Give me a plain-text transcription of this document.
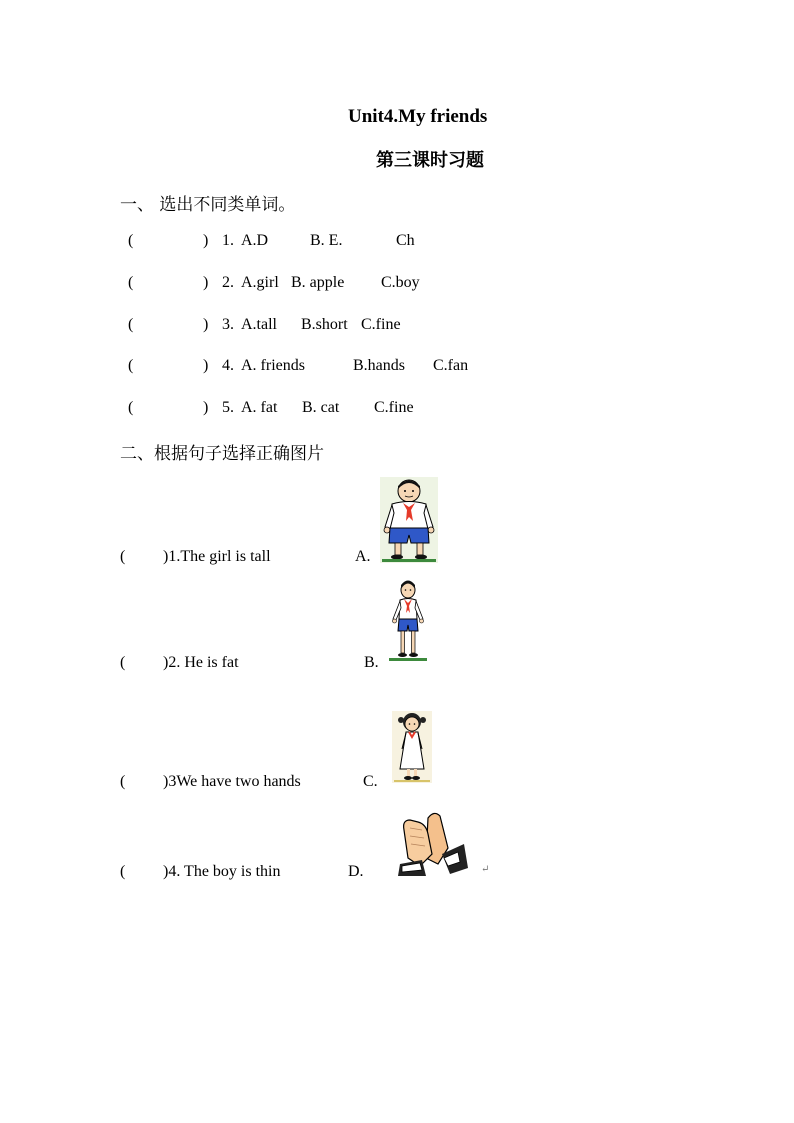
Unit4.My friends
第三课时习题
一、 选出不同类单词。
(	) 1. A.D	B. E.	Ch
(	) 2. A.girl B. apple C.boy
(	) 3. A.tall B.short C.fine
(	) 4. A. friends	B.hands C.fan
(	) 5. A. fat B. cat C.fine
二、根据句子选择正确图片
( )1.The girl is tall	A.
( )2. He is fat	B.
( )3We have two hands	C.
( )4. The boy is thin	D.	↵
